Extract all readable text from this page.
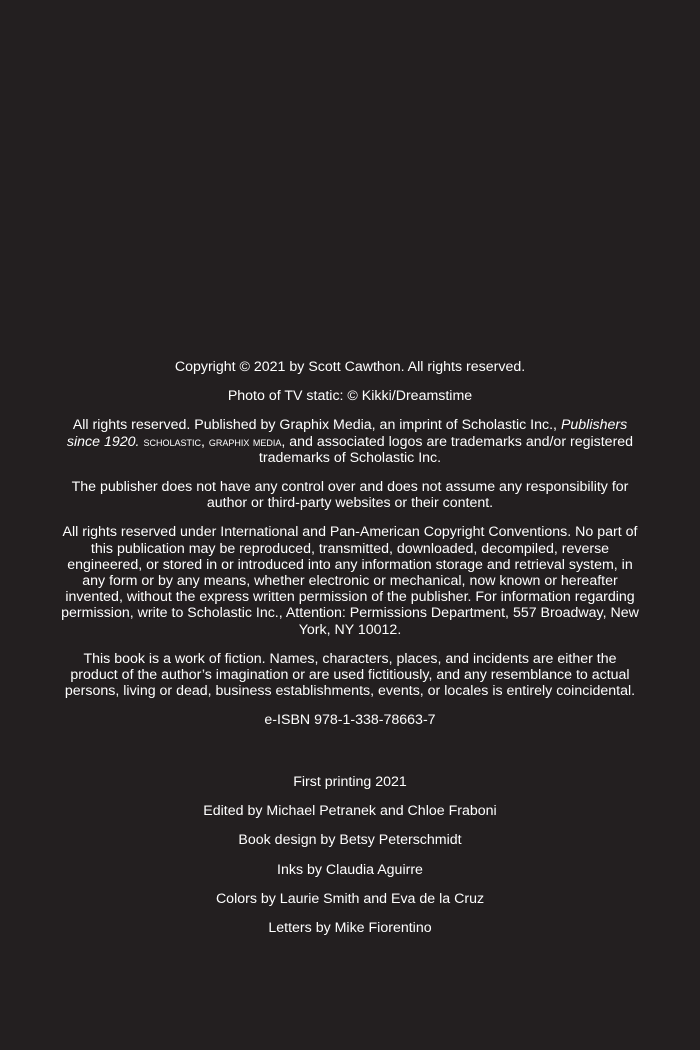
Copyright © 2021 by Scott Cawthon. All rights reserved.

Photo of TV static: © Kikki/Dreamstime

All rights reserved. Published by Graphix Media, an imprint of Scholastic Inc., Publishers since 1920. scholastic, graphix media, and associated logos are trademarks and/or registered trademarks of Scholastic Inc.

The publisher does not have any control over and does not assume any responsibility for author or third-party websites or their content.

All rights reserved under International and Pan-American Copyright Conventions. No part of this publication may be reproduced, transmitted, downloaded, decompiled, reverse engineered, or stored in or introduced into any information storage and retrieval system, in any form or by any means, whether electronic or mechanical, now known or hereafter invented, without the express written permission of the publisher. For information regarding permission, write to Scholastic Inc., Attention: Permissions Department, 557 Broadway, New York, NY 10012.

This book is a work of fiction. Names, characters, places, and incidents are either the product of the author’s imagination or are used fictitiously, and any resemblance to actual persons, living or dead, business establishments, events, or locales is entirely coincidental.

e-ISBN 978-1-338-78663-7

First printing 2021

Edited by Michael Petranek and Chloe Fraboni

Book design by Betsy Peterschmidt

Inks by Claudia Aguirre

Colors by Laurie Smith and Eva de la Cruz

Letters by Mike Fiorentino
